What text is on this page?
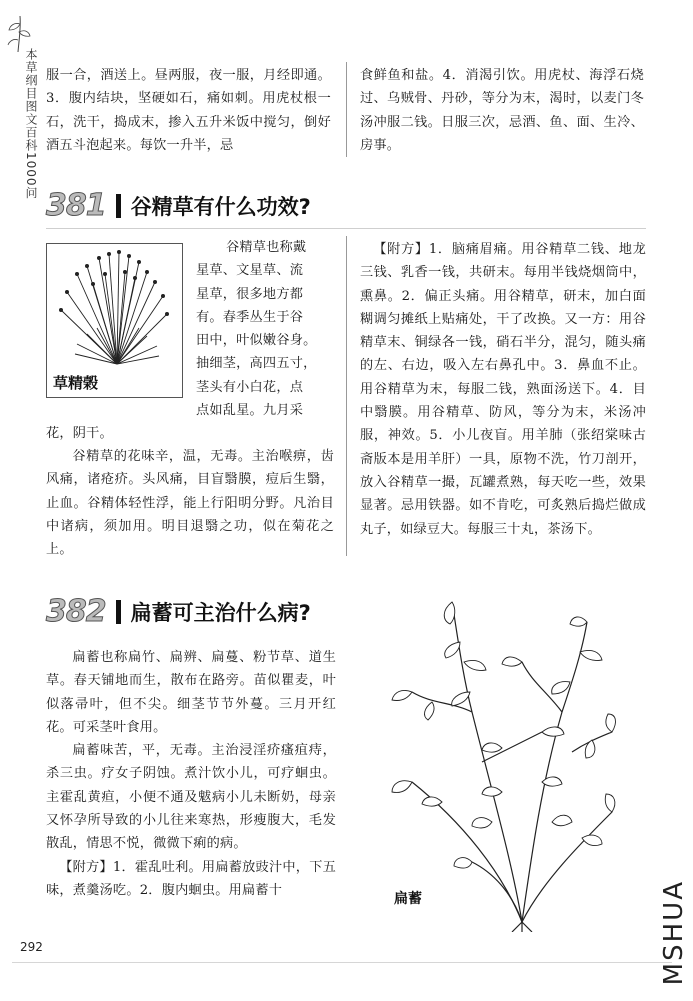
本草纲目图文百科1000问 服一合，酒送上。昼两服，夜一服，月经即通。3．腹内结块，坚硬如石，痛如刺。用虎杖根一石，洗干，捣成末，掺入五升米饭中搅匀，倒好酒五斗泡起来。每饮一升半，忌
食鲜鱼和盐。4．消渴引饮。用虎杖、海浮石烧过、乌贼骨、丹砂，等分为末，渴时，以麦门冬汤冲服二钱。日服三次，忌酒、鱼、面、生冷、房事。
381 谷精草有什么功效?
草精榖
谷精草也称戴
星草、文星草、流
星草，很多地方都
有。春季丛生于谷
田中，叶似嫩谷身。
抽细茎，高四五寸，
茎头有小白花，点
点如乱星。九月采
花，阴干。
谷精草的花味辛，温，无毒。主治喉痹，齿风痛，诸疮疥。头风痛，目盲翳膜，痘后生翳，止血。谷精体轻性浮，能上行阳明分野。凡治目中诸病，须加用。明目退翳之功，似在菊花之上。
【附方】1．脑痛眉痛。用谷精草二钱、地龙三钱、乳香一钱，共研末。每用半钱烧烟筒中，熏鼻。2．偏正头痛。用谷精草，研末，加白面糊调匀摊纸上贴痛处，干了改换。又一方：用谷精草末、铜绿各一钱，硝石半分，混匀，随头痛的左、右边，吸入左右鼻孔中。3．鼻血不止。用谷精草为末，每服二钱，熟面汤送下。4．目中翳膜。用谷精草、防风，等分为末，米汤冲服，神效。5．小儿夜盲。用羊肺（张绍棠味古斋版本是用羊肝）一具，原物不洗，竹刀剖开，放入谷精草一撮，瓦罐煮熟，每天吃一些，效果显著。忌用铁器。如不肯吃，可炙熟后捣烂做成丸子，如绿豆大。每服三十丸，茶汤下。
382 扁蓄可主治什么病?
扁蓄也称扁竹、扁辨、扁蔓、粉节草、道生草。春天铺地而生，散布在路旁。苗似瞿麦，叶似落帚叶，但不尖。细茎节节外蔓。三月开红花。可采茎叶食用。
扁蓄味苦，平，无毒。主治浸淫疥瘙疽痔，杀三虫。疗女子阴蚀。煮汁饮小儿，可疗蛔虫。主霍乱黄疸，小便不通及魃病小儿未断奶，母亲又怀孕所导致的小儿往来寒热，形瘦腹大，毛发散乱，情思不悦，微微下痢的病。
【附方】1．霍乱吐利。用扁蓄放豉汁中，下五味，煮羹汤吃。2．腹内蛔虫。用扁蓄十
扁蓄
292	MSHUA
